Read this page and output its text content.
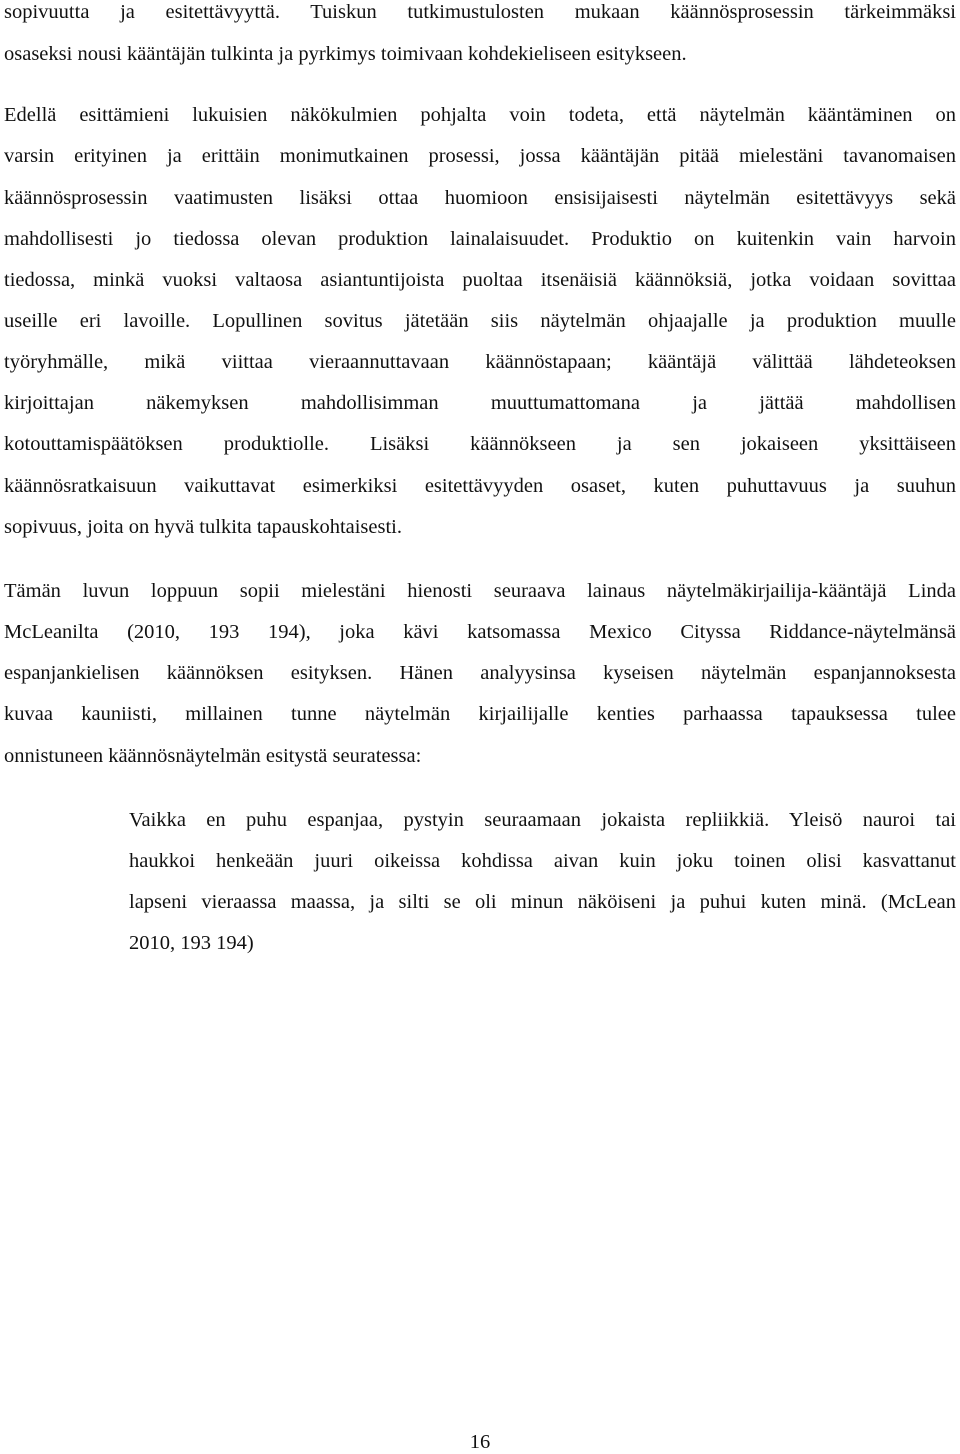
sopivuutta ja esitettävyyttä. Tuiskun tutkimustulosten mukaan käännösprosessin tärkeimmäksi
osaseksi nousi kääntäjän tulkinta ja pyrkimys toimivaan kohdekieliseen esitykseen.
Edellä esittämieni lukuisien näkökulmien pohjalta voin todeta, että näytelmän kääntäminen on
varsin erityinen ja erittäin monimutkainen prosessi, jossa kääntäjän pitää mielestäni tavanomaisen
käännösprosessin vaatimusten lisäksi ottaa huomioon ensisijaisesti näytelmän esitettävyys sekä
mahdollisesti jo tiedossa olevan produktion lainalaisuudet. Produktio on kuitenkin vain harvoin
tiedossa, minkä vuoksi valtaosa asiantuntijoista puoltaa itsenäisiä käännöksiä, jotka voidaan sovittaa
useille eri lavoille. Lopullinen sovitus jätetään siis näytelmän ohjaajalle ja produktion muulle
työryhmälle, mikä viittaa vieraannuttavaan käännöstapaan; kääntäjä välittää lähdeteoksen
kirjoittajan näkemyksen mahdollisimman muuttumattomana ja jättää mahdollisen
kotouttamispäätöksen produktiolle. Lisäksi käännökseen ja sen jokaiseen yksittäiseen
käännösratkaisuun vaikuttavat esimerkiksi esitettävyyden osaset, kuten puhuttavuus ja suuhun
sopivuus, joita on hyvä tulkita tapauskohtaisesti.
Tämän luvun loppuun sopii mielestäni hienosti seuraava lainaus näytelmäkirjailija-kääntäjä Linda
McLeanilta (2010, 193 194), joka kävi katsomassa Mexico Cityssa Riddance-näytelmänsä
espanjankielisen käännöksen esityksen. Hänen analyysinsa kyseisen näytelmän espanjannoksesta
kuvaa kauniisti, millainen tunne näytelmän kirjailijalle kenties parhaassa tapauksessa tulee
onnistuneen käännösnäytelmän esitystä seuratessa:
Vaikka en puhu espanjaa, pystyin seuraamaan jokaista repliikkiä. Yleisö nauroi tai
haukkoi henkeään juuri oikeissa kohdissa aivan kuin joku toinen olisi kasvattanut
lapseni vieraassa maassa, ja silti se oli minun näköiseni ja puhui kuten minä. (McLean
2010, 193 194)
16
